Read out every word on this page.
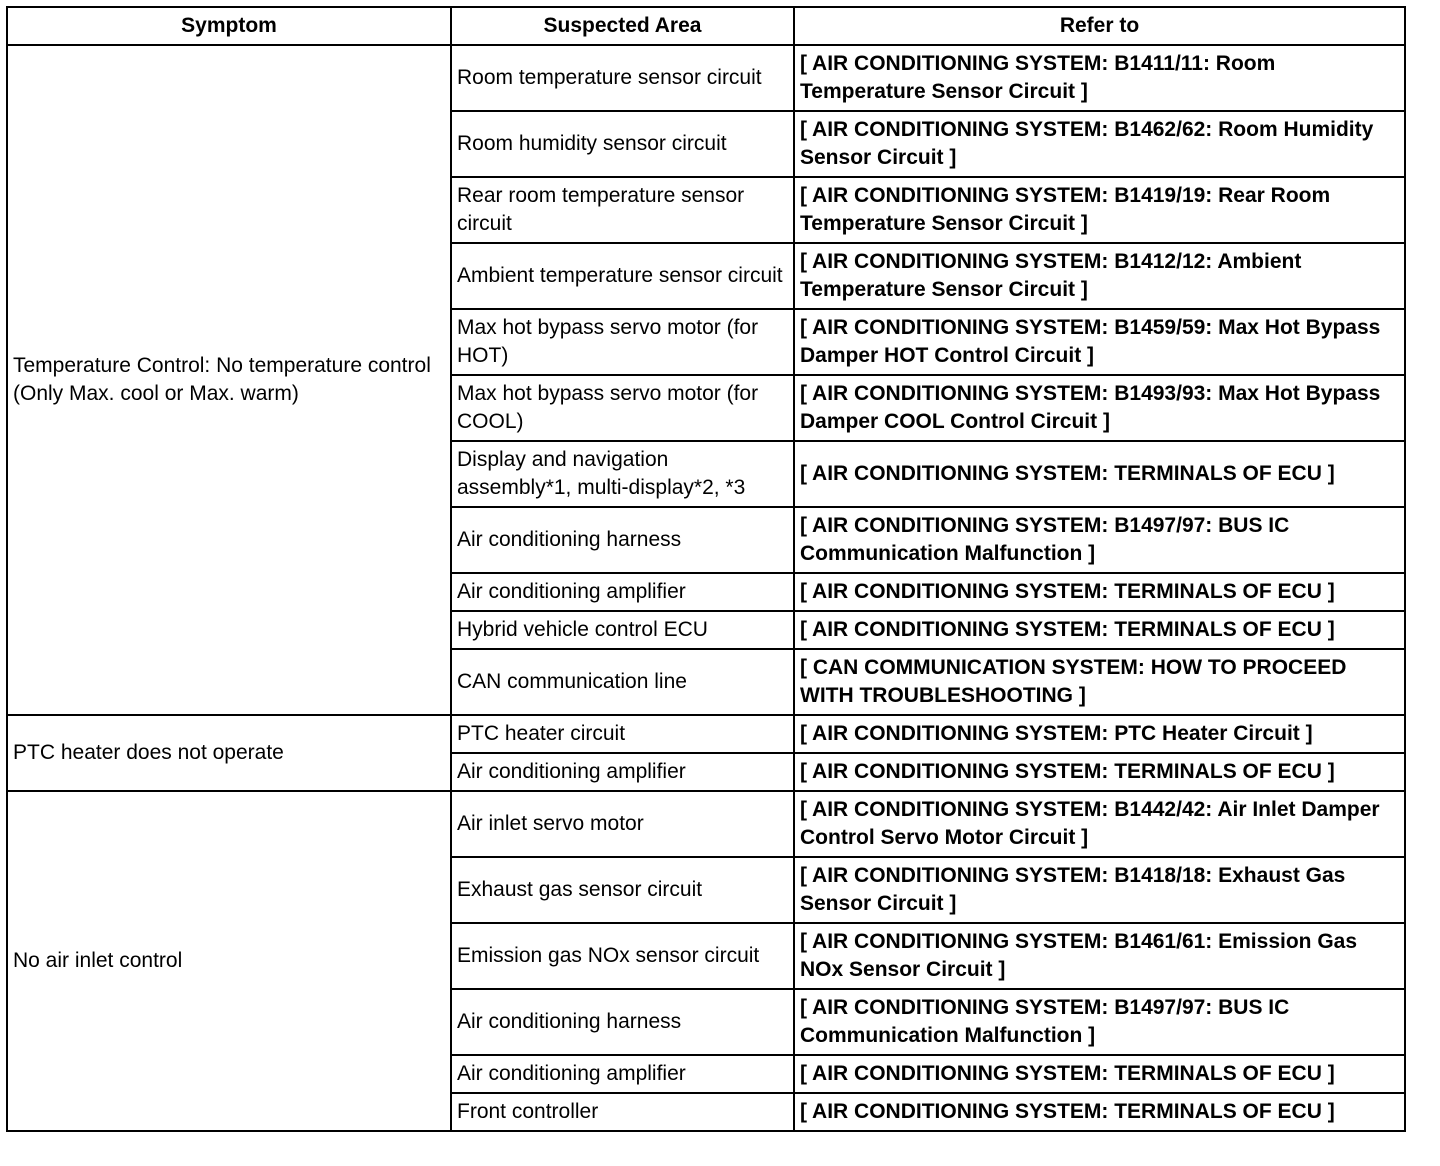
Symptom	Suspected Area	Refer to
Temperature Control: No temperature control (Only Max. cool or Max. warm)	Room temperature sensor circuit	[ AIR CONDITIONING SYSTEM: B1411/11: Room Temperature Sensor Circuit ]
	Room humidity sensor circuit	[ AIR CONDITIONING SYSTEM: B1462/62: Room Humidity Sensor Circuit ]
	Rear room temperature sensor circuit	[ AIR CONDITIONING SYSTEM: B1419/19: Rear Room Temperature Sensor Circuit ]
	Ambient temperature sensor circuit	[ AIR CONDITIONING SYSTEM: B1412/12: Ambient Temperature Sensor Circuit ]
	Max hot bypass servo motor (for HOT)	[ AIR CONDITIONING SYSTEM: B1459/59: Max Hot Bypass Damper HOT Control Circuit ]
	Max hot bypass servo motor (for COOL)	[ AIR CONDITIONING SYSTEM: B1493/93: Max Hot Bypass Damper COOL Control Circuit ]
	Display and navigation assembly*1, multi-display*2, *3	[ AIR CONDITIONING SYSTEM: TERMINALS OF ECU ]
	Air conditioning harness	[ AIR CONDITIONING SYSTEM: B1497/97: BUS IC Communication Malfunction ]
	Air conditioning amplifier	[ AIR CONDITIONING SYSTEM: TERMINALS OF ECU ]
	Hybrid vehicle control ECU	[ AIR CONDITIONING SYSTEM: TERMINALS OF ECU ]
	CAN communication line	[ CAN COMMUNICATION SYSTEM: HOW TO PROCEED WITH TROUBLESHOOTING ]
PTC heater does not operate	PTC heater circuit	[ AIR CONDITIONING SYSTEM: PTC Heater Circuit ]
	Air conditioning amplifier	[ AIR CONDITIONING SYSTEM: TERMINALS OF ECU ]
No air inlet control	Air inlet servo motor	[ AIR CONDITIONING SYSTEM: B1442/42: Air Inlet Damper Control Servo Motor Circuit ]
	Exhaust gas sensor circuit	[ AIR CONDITIONING SYSTEM: B1418/18: Exhaust Gas Sensor Circuit ]
	Emission gas NOx sensor circuit	[ AIR CONDITIONING SYSTEM: B1461/61: Emission Gas NOx Sensor Circuit ]
	Air conditioning harness	[ AIR CONDITIONING SYSTEM: B1497/97: BUS IC Communication Malfunction ]
	Air conditioning amplifier	[ AIR CONDITIONING SYSTEM: TERMINALS OF ECU ]
	Front controller	[ AIR CONDITIONING SYSTEM: TERMINALS OF ECU ]
